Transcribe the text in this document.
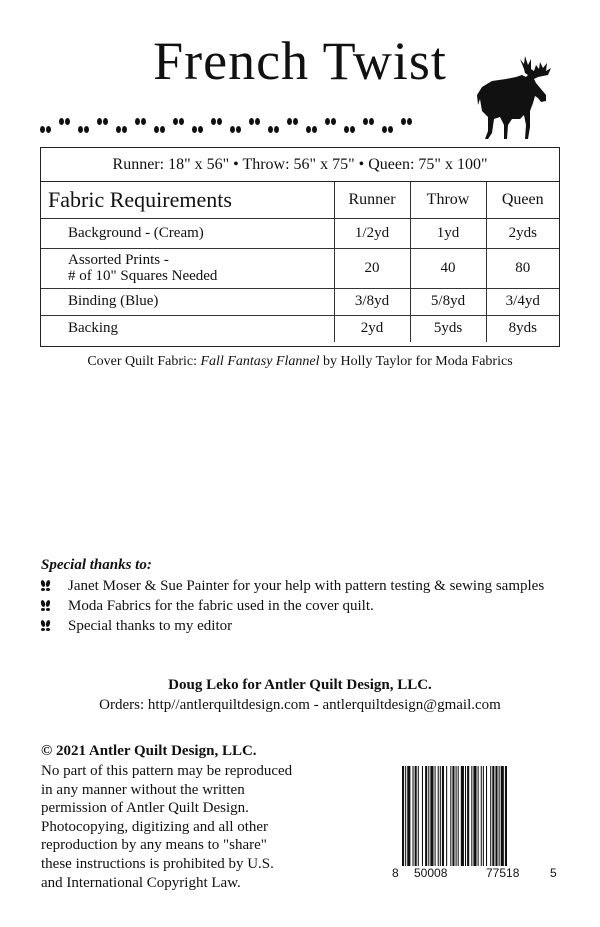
French Twist
Runner: 18" x 56" • Throw: 56" x 75" • Queen: 75" x 100"
Fabric Requirements	Runner	Throw	Queen
Background - (Cream)	1/2yd	1yd	2yds

Assorted Prints -
# of 10" Squares Needed	20	40	80
Binding (Blue)	3/8yd	5/8yd	3/4yd
Backing	2yd	5yds	8yds
Cover Quilt Fabric: Fall Fantasy Flannel by Holly Taylor for Moda Fabrics
Special thanks to:
Janet Moser & Sue Painter for your help with pattern testing & sewing samples
Moda Fabrics for the fabric used in the cover quilt.
Special thanks to my editor
Doug Leko for Antler Quilt Design, LLC.
Orders: http//antlerquiltdesign.com - antlerquiltdesign@gmail.com
© 2021 Antler Quilt Design, LLC.
No part of this pattern may be reproduced
in any manner without the written
permission of Antler Quilt Design.
Photocopying, digitizing and all other
reproduction by any means to "share"
these instructions is prohibited by U.S.
and International Copyright Law.
8 50008	77518	5
